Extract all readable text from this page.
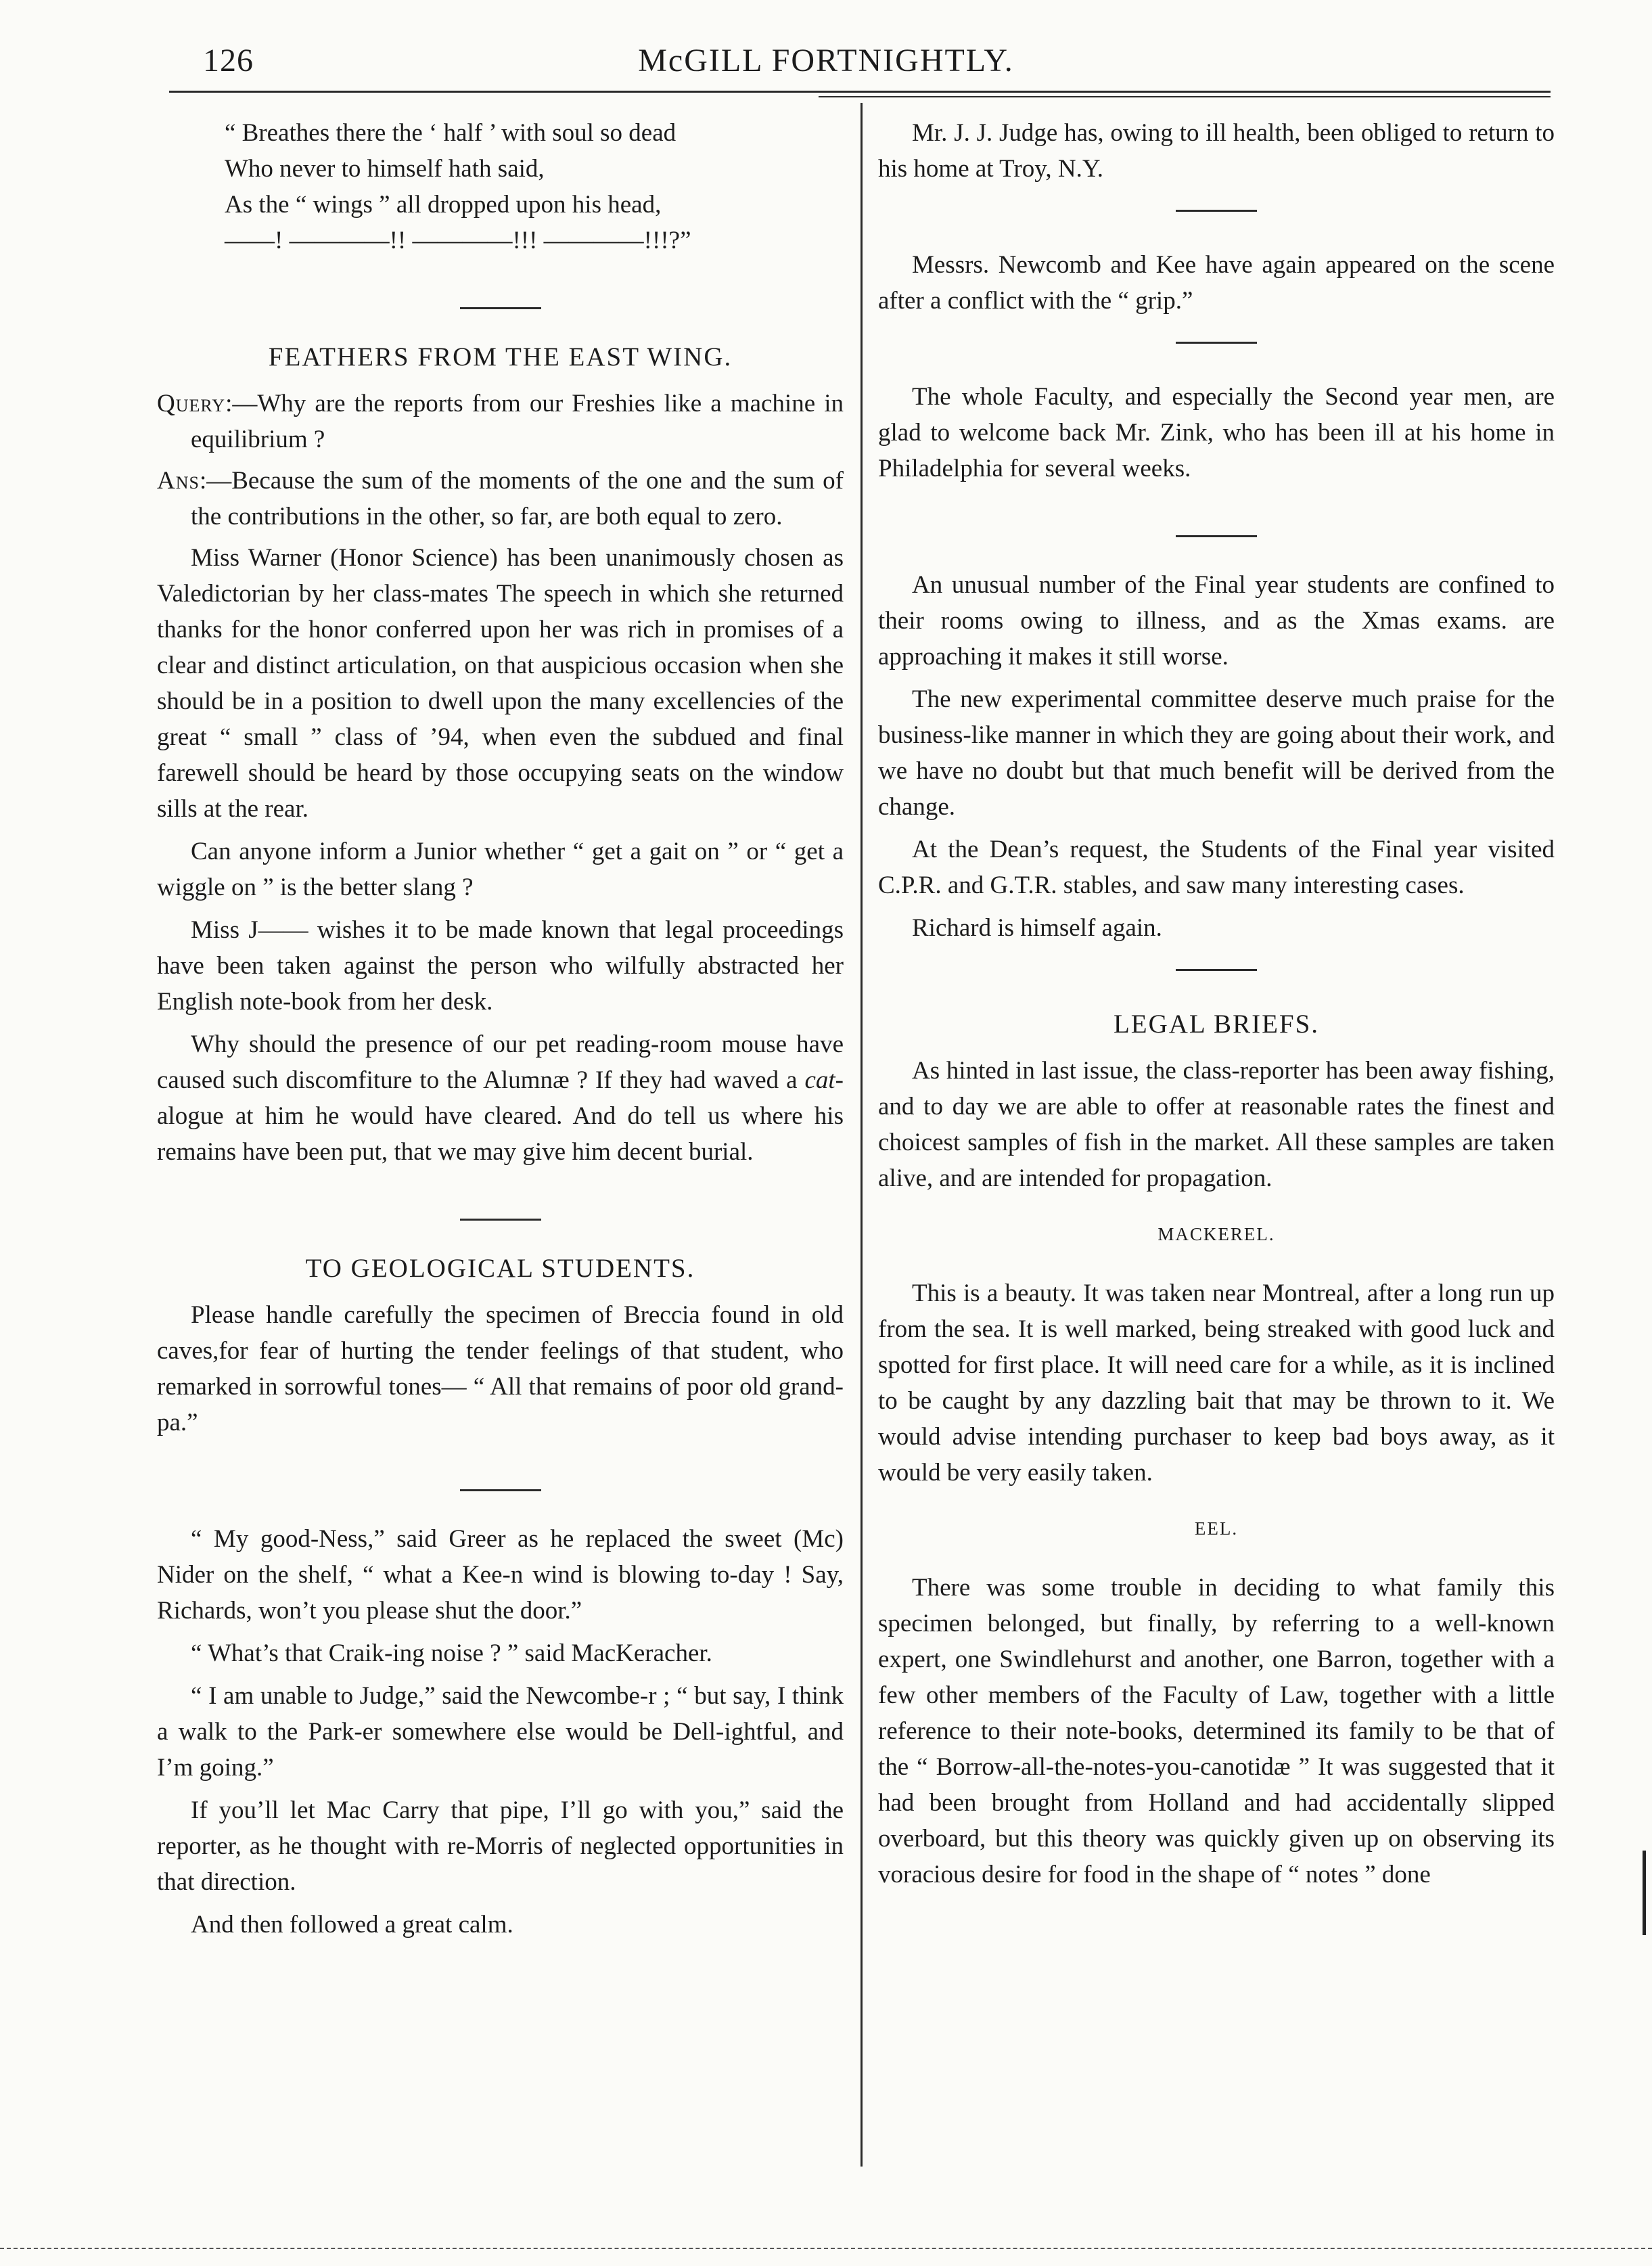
126	McGILL FORTNIGHTLY.
“ Breathes there the ‘ half ’ with soul so dead
Who never to himself hath said,
As the “ wings ” all dropped upon his head,
——! ————!! ————!!! ————!!!?”
FEATHERS FROM THE EAST WING.
Query:—Why are the reports from our Freshies like a machine in equilibrium ?
Ans:—Because the sum of the moments of the one and the sum of the contributions in the other, so far, are both equal to zero.

Miss Warner (Honor Science) has been unanimously chosen as Valedictorian by her class-mates The speech in which she returned thanks for the honor conferred upon her was rich in promises of a clear and distinct articulation, on that auspicious occasion when she should be in a position to dwell upon the many excellencies of the great “ small ” class of ’94, when even the subdued and final farewell should be heard by those occupying seats on the window sills at the rear.

Can anyone inform a Junior whether “ get a gait on ” or “ get a wiggle on ” is the better slang ?

Miss J—— wishes it to be made known that legal proceedings have been taken against the person who wilfully abstracted her English note-book from her desk.

Why should the presence of our pet reading-room mouse have caused such discomfiture to the Alumnæ ? If they had waved a cat-alogue at him he would have cleared. And do tell us where his remains have been put, that we may give him decent burial.

TO GEOLOGICAL STUDENTS.

Please handle carefully the specimen of Breccia found in old caves,for fear of hurting the tender feelings of that student, who remarked in sorrowful tones— “ All that remains of poor old grand-pa.”

“ My good-Ness,” said Greer as he replaced the sweet (Mc) Nider on the shelf, “ what a Kee-n wind is blowing to-day ! Say, Richards, won’t you please shut the door.”

“ What’s that Craik-ing noise ? ” said MacKeracher.

“ I am unable to Judge,” said the Newcombe-r ; “ but say, I think a walk to the Park-er somewhere else would be Dell-ightful, and I’m going.”

If you’ll let Mac Carry that pipe, I’ll go with you,” said the reporter, as he thought with re-Morris of neglected opportunities in that direction.

And then followed a great calm.

Mr. J. J. Judge has, owing to ill health, been obliged to return to his home at Troy, N.Y.

Messrs. Newcomb and Kee have again appeared on the scene after a conflict with the “ grip.”

The whole Faculty, and especially the Second year men, are glad to welcome back Mr. Zink, who has been ill at his home in Philadelphia for several weeks.

An unusual number of the Final year students are confined to their rooms owing to illness, and as the Xmas exams. are approaching it makes it still worse.

The new experimental committee deserve much praise for the business-like manner in which they are going about their work, and we have no doubt but that much benefit will be derived from the change.

At the Dean’s request, the Students of the Final year visited C.P.R. and G.T.R. stables, and saw many interesting cases.

Richard is himself again.

LEGAL BRIEFS.

As hinted in last issue, the class-reporter has been away fishing, and to day we are able to offer at reasonable rates the finest and choicest samples of fish in the market. All these samples are taken alive, and are intended for propagation.

MACKEREL.

This is a beauty. It was taken near Montreal, after a long run up from the sea. It is well marked, being streaked with good luck and spotted for first place. It will need care for a while, as it is inclined to be caught by any dazzling bait that may be thrown to it. We would advise intending purchaser to keep bad boys away, as it would be very easily taken.

EEL.

There was some trouble in deciding to what family this specimen belonged, but finally, by referring to a well-known expert, one Swindlehurst and another, one Barron, together with a few other members of the Faculty of Law, together with a little reference to their note-books, determined its family to be that of the “ Borrow-all-the-notes-you-canotidæ ” It was suggested that it had been brought from Holland and had accidentally slipped overboard, but this theory was quickly given up on observing its voracious desire for food in the shape of “ notes ” done
